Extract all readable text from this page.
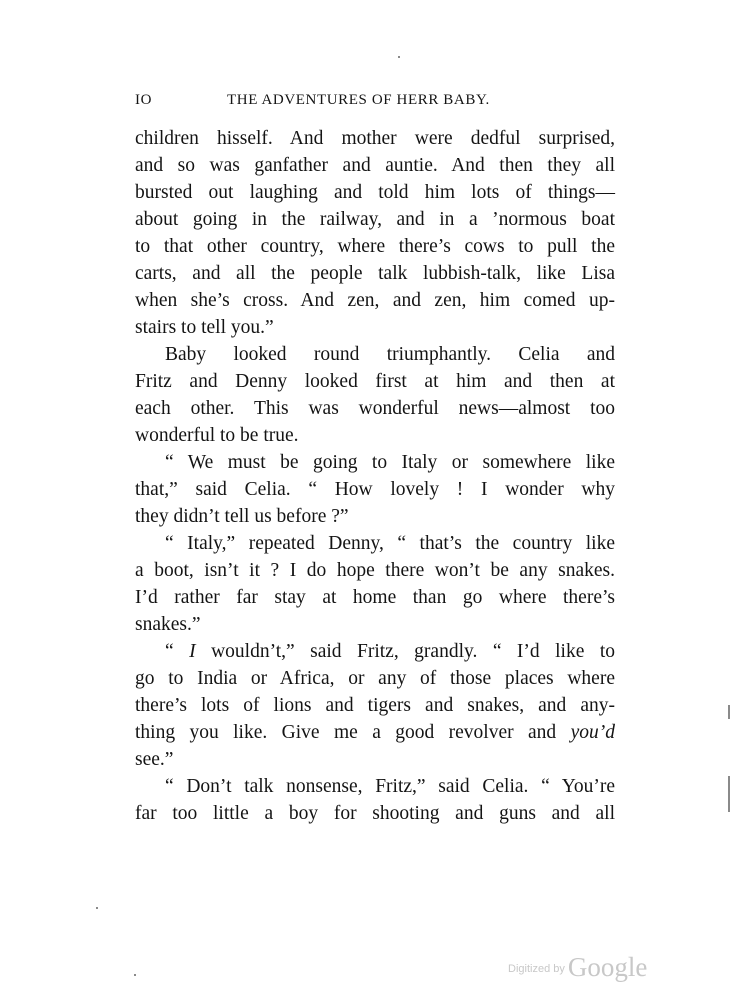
IO	THE ADVENTURES OF HERR BABY.
children hisself. And mother were dedful surprised,
and so was ganfather and auntie. And then they all
bursted out laughing and told him lots of things—
about going in the railway, and in a ’normous boat
to that other country, where there’s cows to pull the
carts, and all the people talk lubbish-talk, like Lisa
when she’s cross. And zen, and zen, him comed up-
stairs to tell you.”
Baby looked round triumphantly. Celia and
Fritz and Denny looked first at him and then at
each other. This was wonderful news—almost too
wonderful to be true.
“ We must be going to Italy or somewhere like
that,” said Celia. “ How lovely ! I wonder why
they didn’t tell us before ?”
“ Italy,” repeated Denny, “ that’s the country like
a boot, isn’t it ? I do hope there won’t be any snakes.
I’d rather far stay at home than go where there’s
snakes.”
“ I wouldn’t,” said Fritz, grandly. “ I’d like to
go to India or Africa, or any of those places where
there’s lots of lions and tigers and snakes, and any-
thing you like. Give me a good revolver and you’d
see.”
“ Don’t talk nonsense, Fritz,” said Celia. “ You’re
far too little a boy for shooting and guns and all
$^{Digitized by}$ Google
